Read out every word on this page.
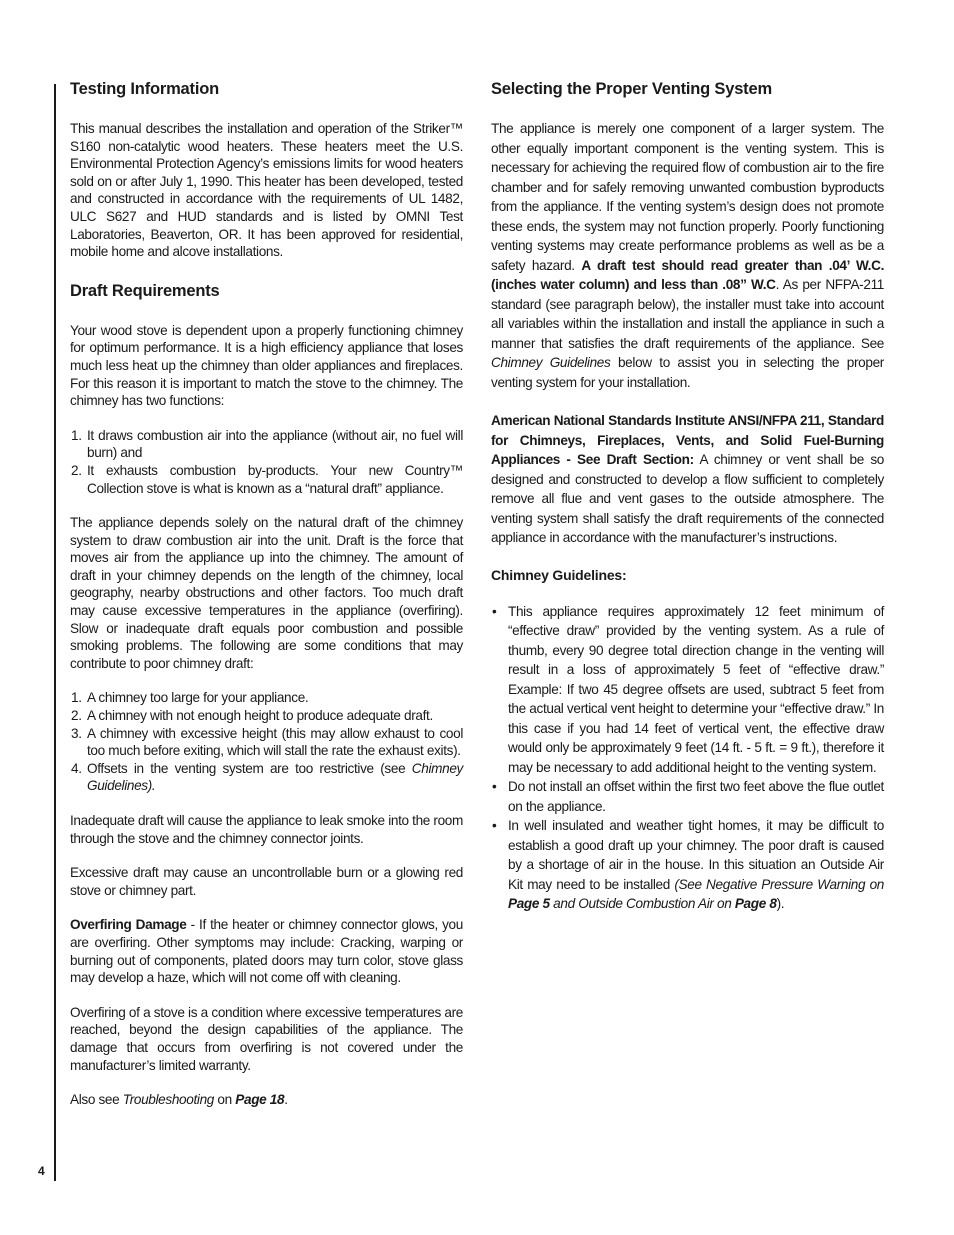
4
Testing Information

This manual describes the installation and operation of the Striker™ S160 non-catalytic wood heaters. These heaters meet the U.S. Environmental Protection Agency’s emissions limits for wood heaters sold on or after July 1, 1990. This heater has been developed, tested and constructed in accordance with the requirements of UL 1482, ULC S627 and HUD standards and is listed by OMNI Test Laboratories, Beaverton, OR. It has been approved for residential, mobile home and alcove installations.

Draft Requirements

Your wood stove is dependent upon a properly functioning chimney for optimum performance. It is a high efficiency appliance that loses much less heat up the chimney than older appliances and fireplaces. For this reason it is important to match the stove to the chimney. The chimney has two functions:

1. It draws combustion air into the appliance (without air, no fuel will burn) and
2. It exhausts combustion by-products. Your new Country™ Collection stove is what is known as a “natural draft” appliance.

The appliance depends solely on the natural draft of the chimney system to draw combustion air into the unit. Draft is the force that moves air from the appliance up into the chimney. The amount of draft in your chimney depends on the length of the chimney, local geography, nearby obstructions and other factors. Too much draft may cause excessive temperatures in the appliance (overfiring). Slow or inadequate draft equals poor combustion and possible smoking problems. The following are some conditions that may contribute to poor chimney draft:

1. A chimney too large for your appliance.
2. A chimney with not enough height to produce adequate draft.
3. A chimney with excessive height (this may allow exhaust to cool too much before exiting, which will stall the rate the exhaust exits).
4. Offsets in the venting system are too restrictive (see Chimney Guidelines).

Inadequate draft will cause the appliance to leak smoke into the room through the stove and the chimney connector joints.

Excessive draft may cause an uncontrollable burn or a glowing red stove or chimney part.

Overfiring Damage - If the heater or chimney connector glows, you are overfiring. Other symptoms may include: Cracking, warping or burning out of components, plated doors may turn color, stove glass may develop a haze, which will not come off with cleaning.

Overfiring of a stove is a condition where excessive temperatures are reached, beyond the design capabilities of the appliance. The damage that occurs from overfiring is not covered under the manufacturer’s limited warranty.

Also see Troubleshooting on Page 18.

Selecting the Proper Venting System

The appliance is merely one component of a larger system. The other equally important component is the venting system. This is necessary for achieving the required flow of combustion air to the fire chamber and for safely removing unwanted combustion byproducts from the appliance. If the venting system’s design does not promote these ends, the system may not function properly. Poorly functioning venting systems may create performance problems as well as be a safety hazard. A draft test should read greater than .04’ W.C. (inches water column) and less than .08” W.C. As per NFPA-211 standard (see paragraph below), the installer must take into account all variables within the installation and install the appliance in such a manner that satisfies the draft requirements of the appliance. See Chimney Guidelines below to assist you in selecting the proper venting system for your installation.

American National Standards Institute ANSI/NFPA 211, Standard for Chimneys, Fireplaces, Vents, and Solid Fuel-Burning Appliances - See Draft Section: A chimney or vent shall be so designed and constructed to develop a flow sufficient to completely remove all flue and vent gases to the outside atmosphere. The venting system shall satisfy the draft requirements of the connected appliance in accordance with the manufacturer’s instructions.

Chimney Guidelines:
• This appliance requires approximately 12 feet minimum of “effective draw” provided by the venting system. As a rule of thumb, every 90 degree total direction change in the venting will result in a loss of approximately 5 feet of “effective draw.” Example: If two 45 degree offsets are used, subtract 5 feet from the actual vertical vent height to determine your “effective draw.” In this case if you had 14 feet of vertical vent, the effective draw would only be approximately 9 feet (14 ft. - 5 ft. = 9 ft.), therefore it may be necessary to add additional height to the venting system.
• Do not install an offset within the first two feet above the flue outlet on the appliance.
• In well insulated and weather tight homes, it may be difficult to establish a good draft up your chimney. The poor draft is caused by a shortage of air in the house. In this situation an Outside Air Kit may need to be installed (See Negative Pressure Warning on Page 5 and Outside Combustion Air on Page 8).
